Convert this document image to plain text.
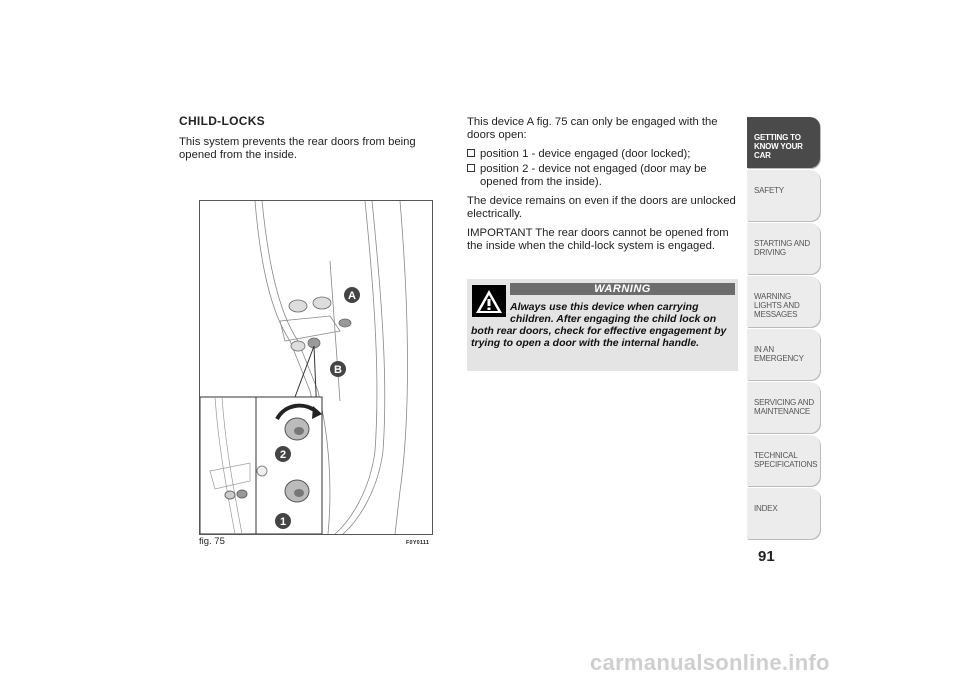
CHILD-LOCKS

This system prevents the rear doors from being opened from the inside.

A
B
2
1
fig. 75	F0Y0111

This device A fig. 75 can only be engaged with the doors open:

position 1 - device engaged (door locked);
position 2 - device not engaged (door may be opened from the inside).

The device remains on even if the doors are unlocked electrically.

IMPORTANT The rear doors cannot be opened from the inside when the child-lock system is engaged.

WARNING
Always use this device when carrying
children. After engaging the child lock on
both rear doors, check for effective engagement by trying to open a door with the internal handle.
GETTING TO KNOW YOUR CAR
SAFETY
STARTING AND DRIVING
WARNING LIGHTS AND MESSAGES
IN AN EMERGENCY
SERVICING AND MAINTENANCE
TECHNICAL SPECIFICATIONS
INDEX
91
carmanualsonline.info
